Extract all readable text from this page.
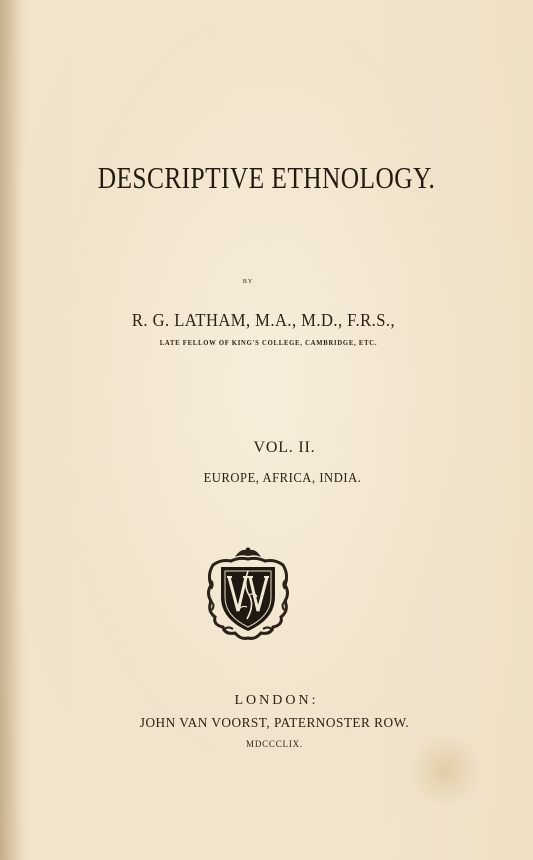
DESCRIPTIVE ETHNOLOGY.
BY
R. G. LATHAM, M.A., M.D., F.R.S.,
LATE FELLOW OF KING'S COLLEGE, CAMBRIDGE, ETC.
VOL. II.
EUROPE, AFRICA, INDIA.
LONDON:
JOHN VAN VOORST, PATERNOSTER ROW.
MDCCCLIX.
